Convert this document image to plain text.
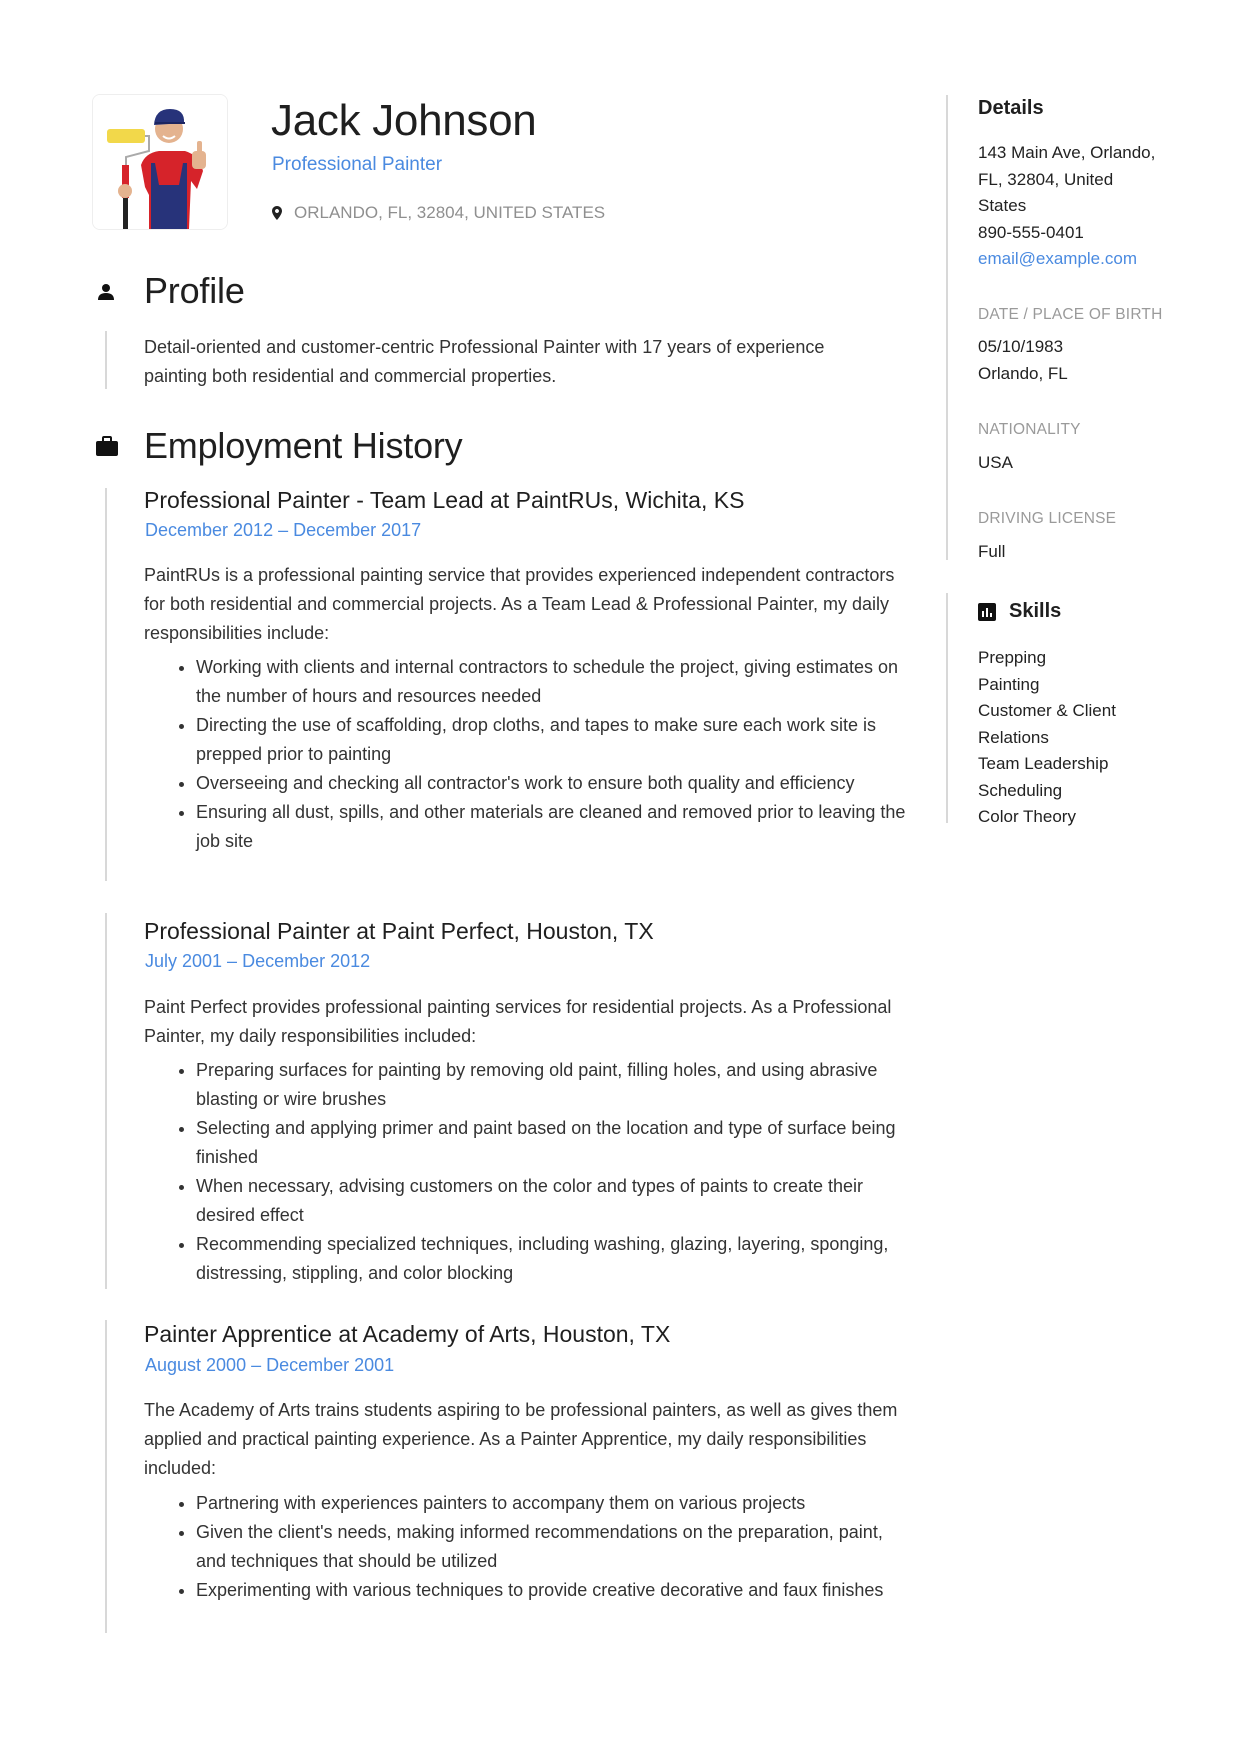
Jack Johnson
Professional Painter
ORLANDO, FL, 32804, UNITED STATES
Profile
Detail-oriented and customer-centric Professional Painter with 17 years of experience
painting both residential and commercial properties.
Employment History
Professional Painter - Team Lead at PaintRUs, Wichita, KS
December 2012 – December 2017
PaintRUs is a professional painting service that provides experienced independent contractors for both residential and commercial projects. As a Team Lead & Professional Painter, my daily responsibilities include:
• Working with clients and internal contractors to schedule the project, giving estimates on the number of hours and resources needed
• Directing the use of scaffolding, drop cloths, and tapes to make sure each work site is prepped prior to painting
• Overseeing and checking all contractor's work to ensure both quality and efficiency
• Ensuring all dust, spills, and other materials are cleaned and removed prior to leaving the job site
Professional Painter at Paint Perfect, Houston, TX
July 2001 – December 2012
Paint Perfect provides professional painting services for residential projects. As a Professional Painter, my daily responsibilities included:
• Preparing surfaces for painting by removing old paint, filling holes, and using abrasive blasting or wire brushes
• Selecting and applying primer and paint based on the location and type of surface being finished
• When necessary, advising customers on the color and types of paints to create their desired effect
• Recommending specialized techniques, including washing, glazing, layering, sponging, distressing, stippling, and color blocking
Painter Apprentice at Academy of Arts, Houston, TX
August 2000 – December 2001
The Academy of Arts trains students aspiring to be professional painters, as well as gives them applied and practical painting experience. As a Painter Apprentice, my daily responsibilities included:
• Partnering with experiences painters to accompany them on various projects
• Given the client's needs, making informed recommendations on the preparation, paint, and techniques that should be utilized
• Experimenting with various techniques to provide creative decorative and faux finishes
Details
143 Main Ave, Orlando,
FL, 32804, United
States
890-555-0401
email@example.com
DATE / PLACE OF BIRTH
05/10/1983
Orlando, FL
NATIONALITY
USA
DRIVING LICENSE
Full
Skills
Prepping
Painting
Customer & Client
Relations
Team Leadership
Scheduling
Color Theory
